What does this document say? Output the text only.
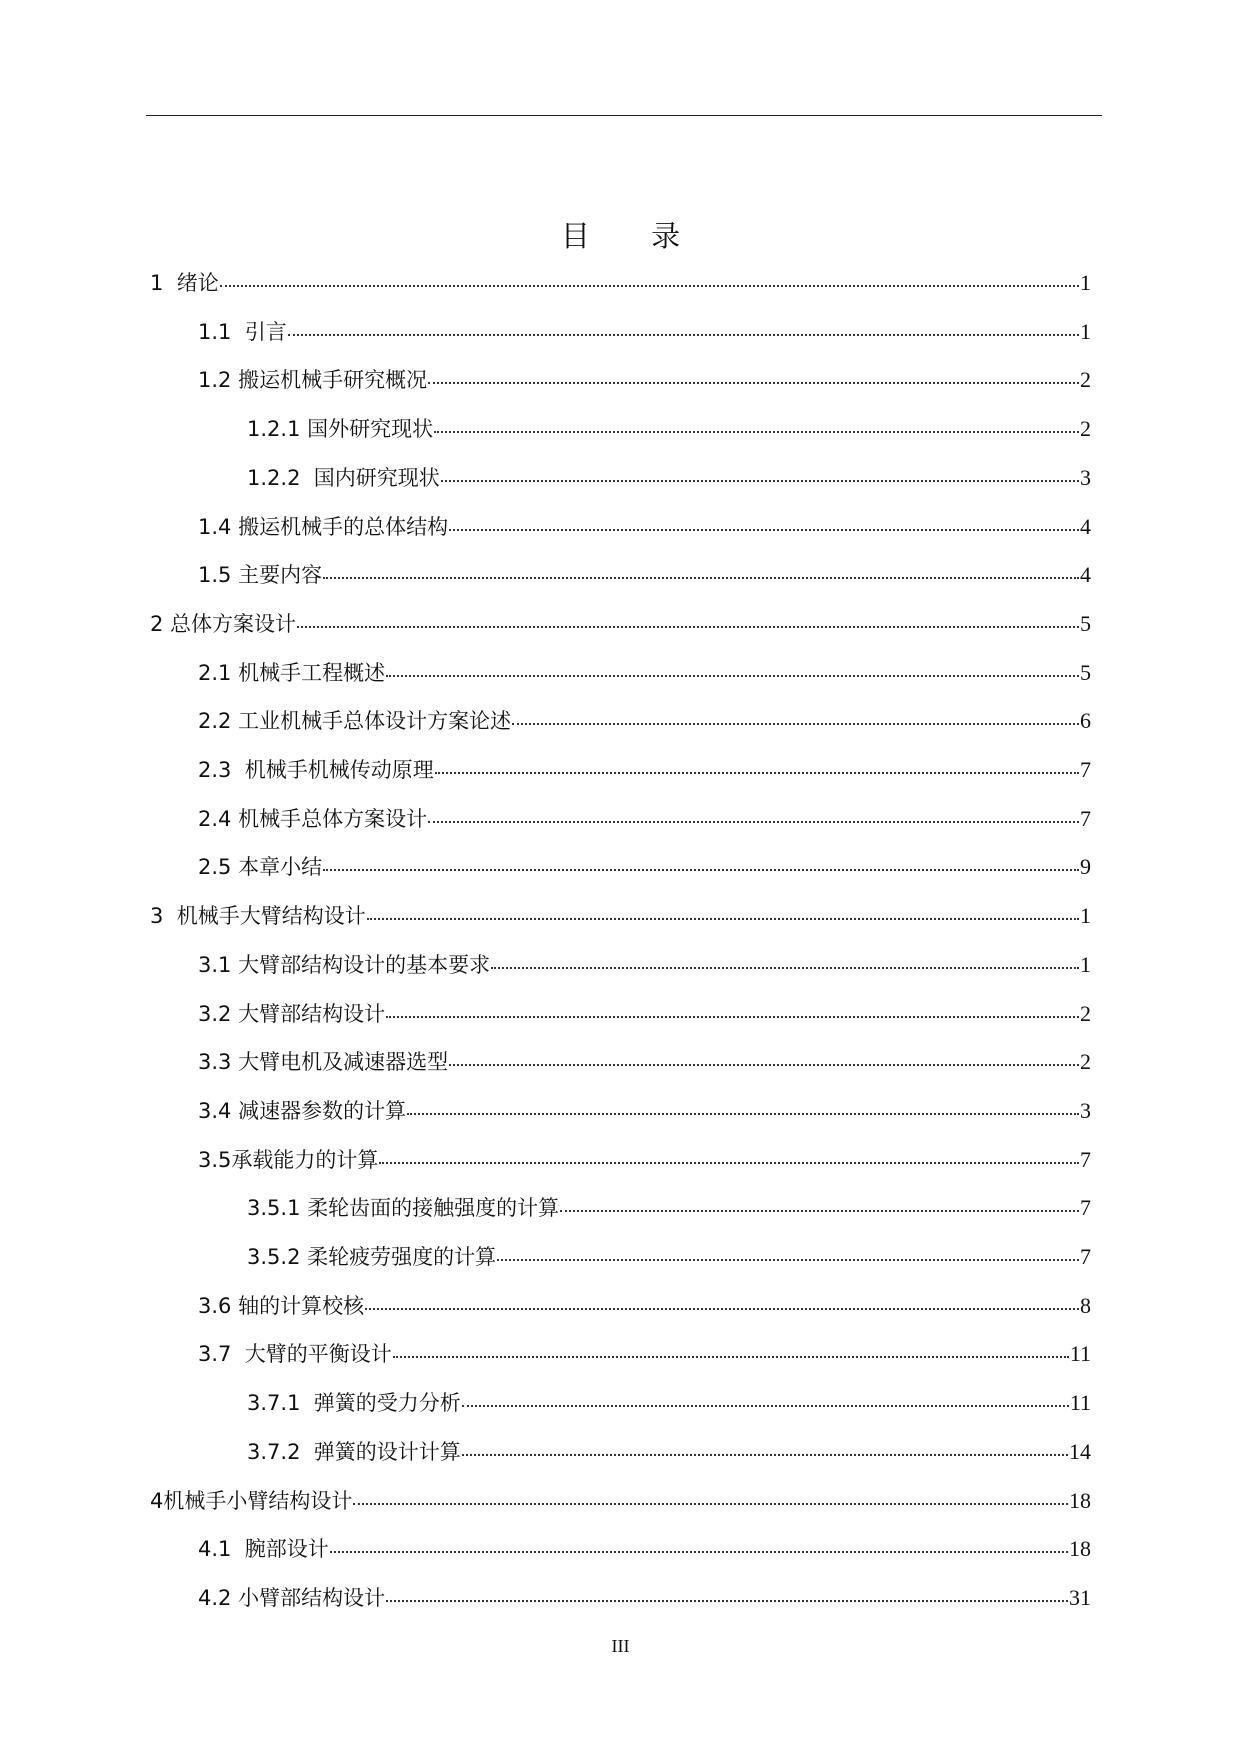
目 录
1 绪论	1
1.1 引言	1
1.2 搬运机械手研究概况	2
1.2.1 国外研究现状	2
1.2.2 国内研究现状	3
1.4 搬运机械手的总体结构	4
1.5 主要内容	4
2 总体方案设计	5
2.1 机械手工程概述	5
2.2 工业机械手总体设计方案论述	6
2.3 机械手机械传动原理	7
2.4 机械手总体方案设计	7
2.5 本章小结	9
3 机械手大臂结构设计	1
3.1 大臂部结构设计的基本要求	1
3.2 大臂部结构设计	2
3.3 大臂电机及减速器选型	2
3.4 减速器参数的计算	3
3.5 承载能力的计算	7
3.5.1 柔轮齿面的接触强度的计算	7
3.5.2 柔轮疲劳强度的计算	7
3.6 轴的计算校核	8
3.7 大臂的平衡设计	11
3.7.1 弹簧的受力分析	11
3.7.2 弹簧的设计计算	14
4 机械手小臂结构设计	18
4.1 腕部设计	18
4.2 小臂部结构设计	31
III
